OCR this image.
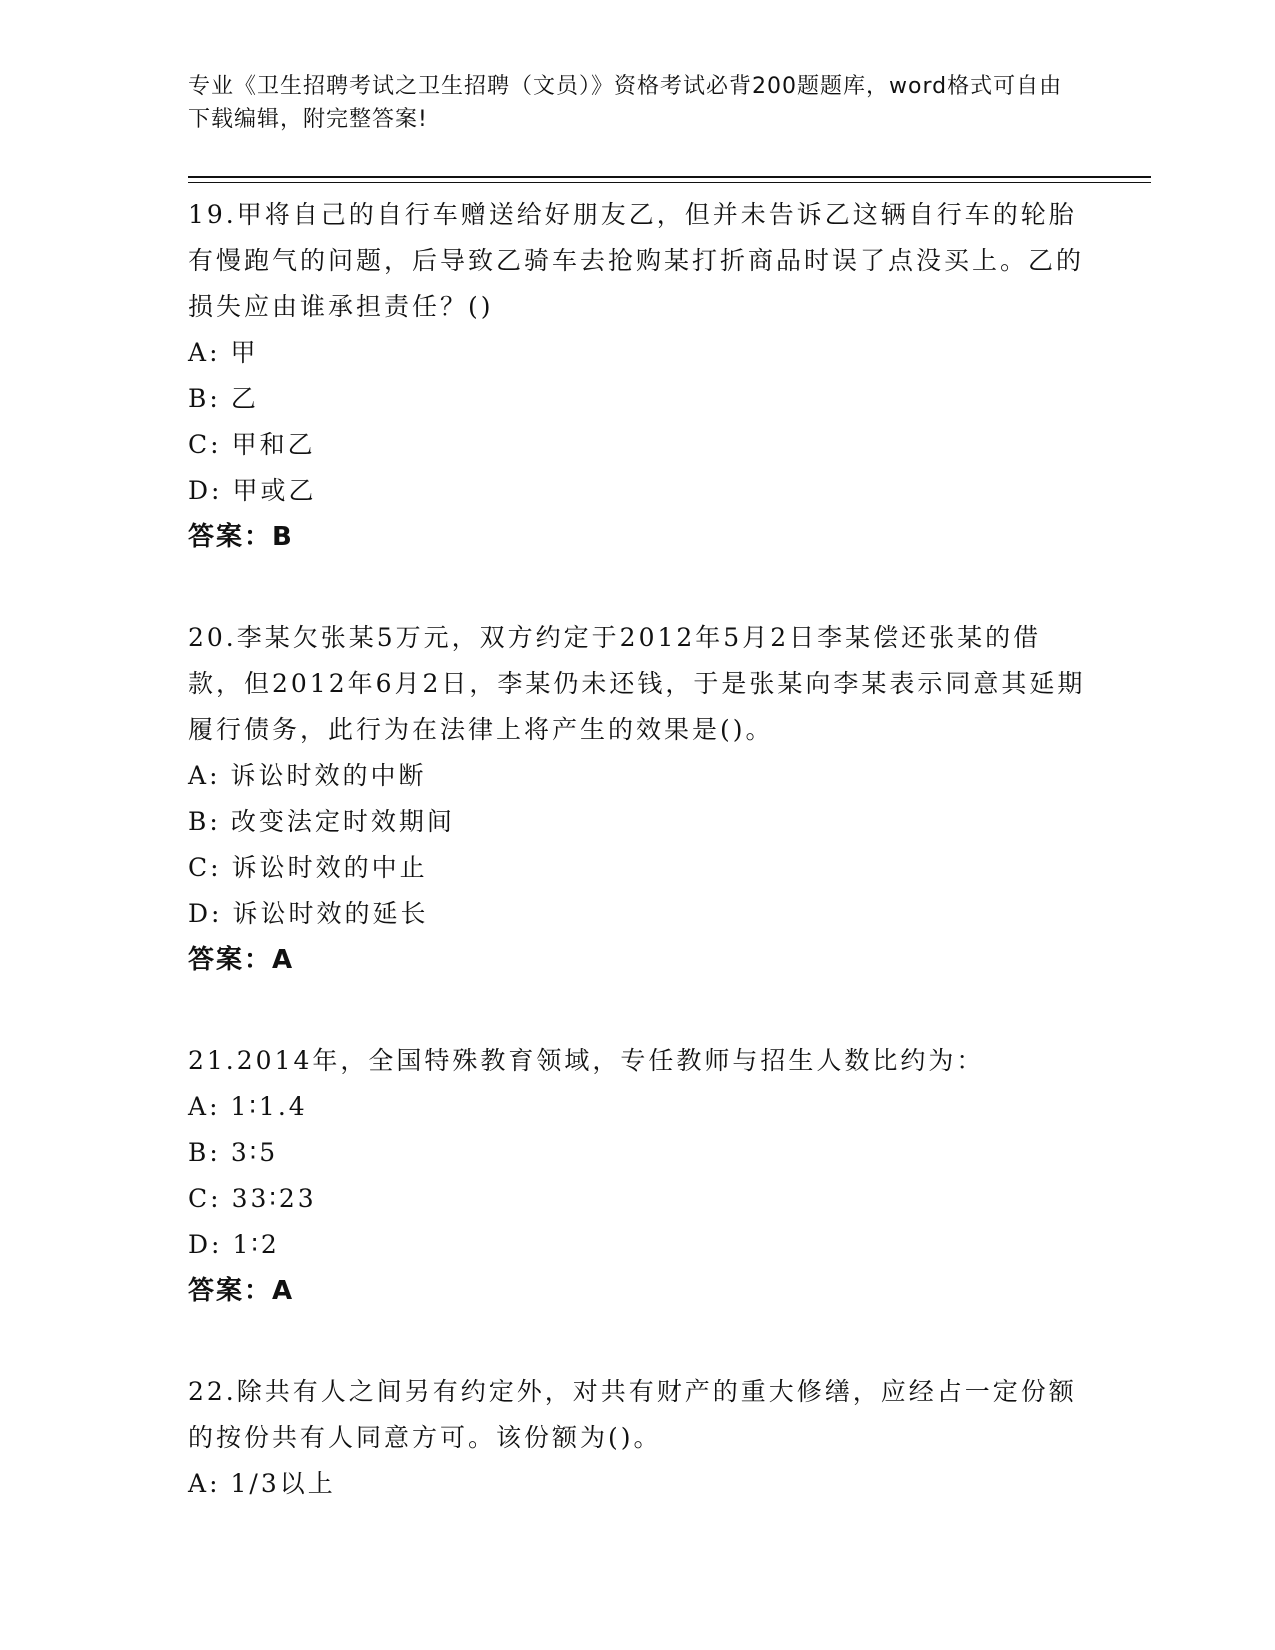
专业《卫生招聘考试之卫生招聘（文员）》资格考试必背200题题库，word格式可自由下载编辑，附完整答案!

19.甲将自己的自行车赠送给好朋友乙，但并未告诉乙这辆自行车的轮胎有慢跑气的问题，后导致乙骑车去抢购某打折商品时误了点没买上。乙的损失应由谁承担责任？()

A: 甲

B: 乙

C: 甲和乙

D: 甲或乙

答案：B

20.李某欠张某5万元，双方约定于2012年5月2日李某偿还张某的借款，但2012年6月2日，李某仍未还钱，于是张某向李某表示同意其延期履行债务，此行为在法律上将产生的效果是()。

A: 诉讼时效的中断

B: 改变法定时效期间

C: 诉讼时效的中止

D: 诉讼时效的延长

答案：A

21.2014年，全国特殊教育领域，专任教师与招生人数比约为：

A: 1∶1.4

B: 3∶5

C: 33∶23

D: 1∶2

答案：A

22.除共有人之间另有约定外，对共有财产的重大修缮，应经占一定份额的按份共有人同意方可。该份额为()。

A: 1/3以上
